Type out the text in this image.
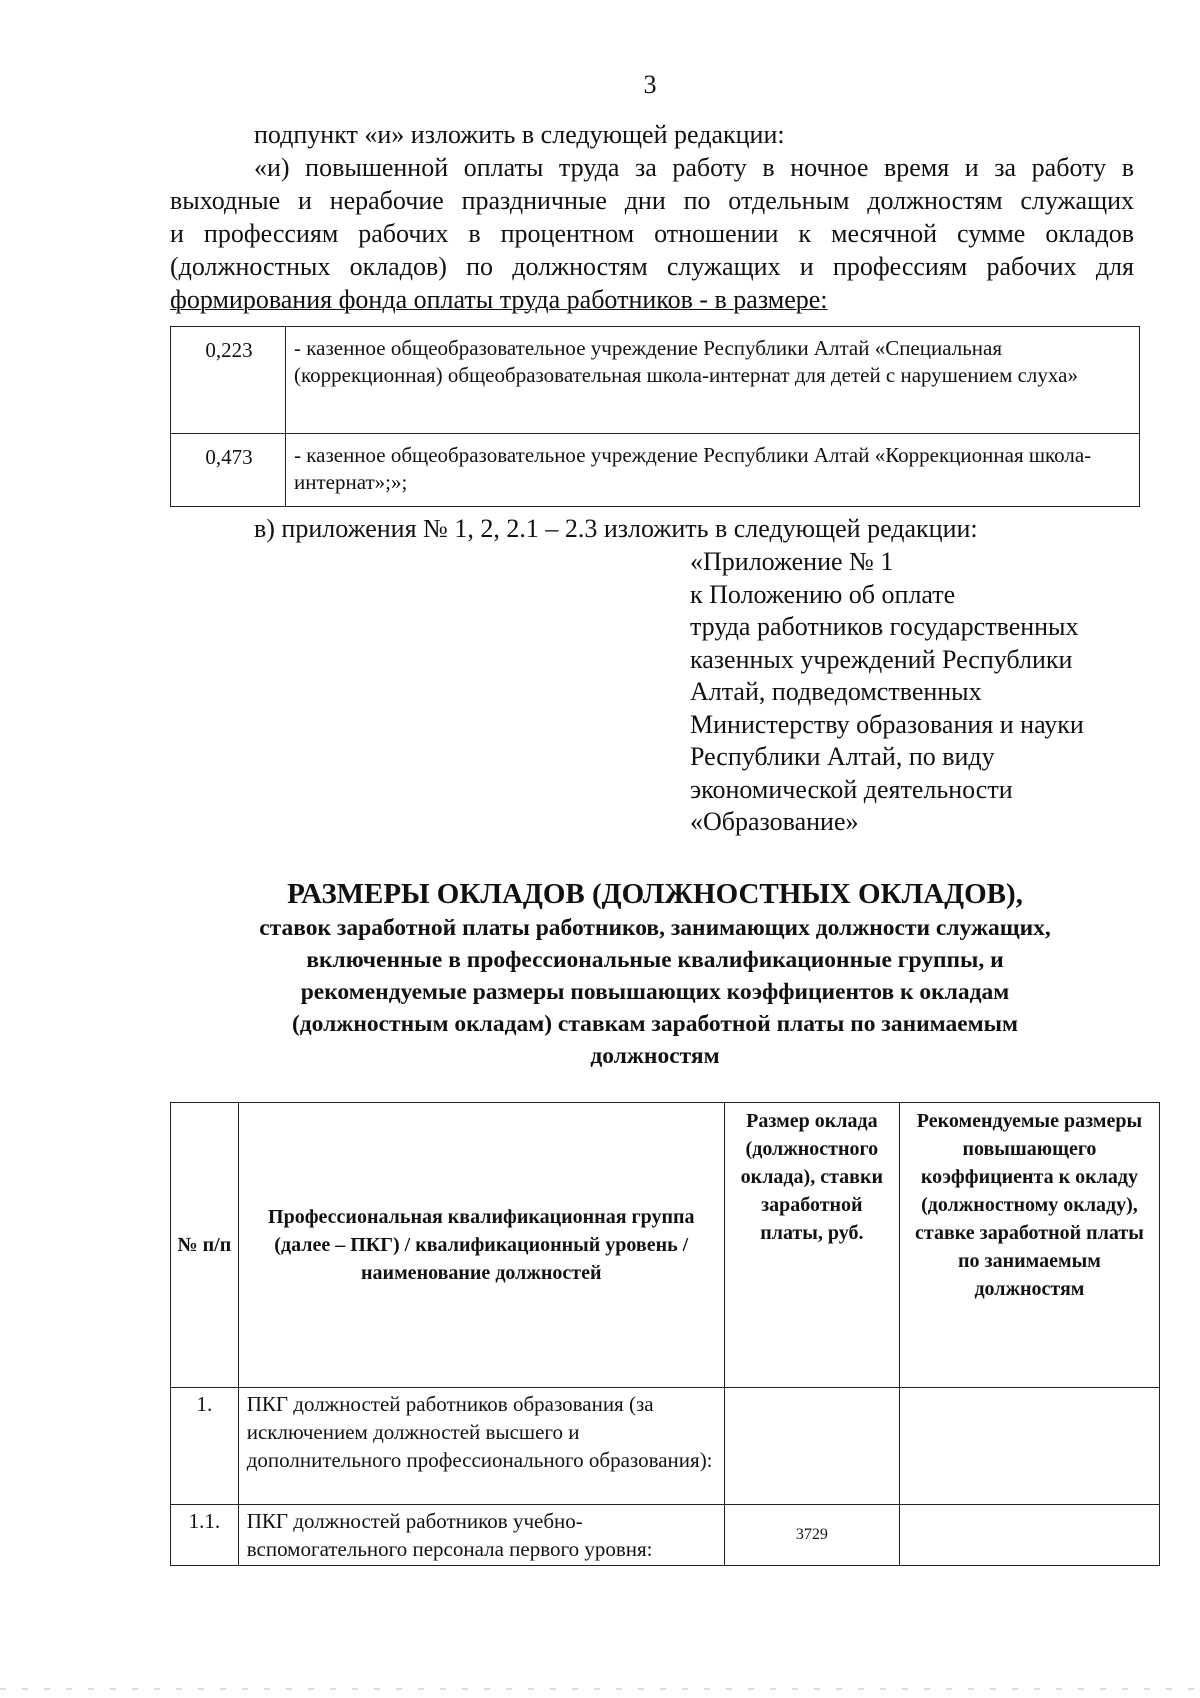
3
подпункт «и» изложить в следующей редакции:
«и) повышенной оплаты труда за работу в ночное время и за работу в
выходные и нерабочие праздничные дни по отдельным должностям служащих
и профессиям рабочих в процентном отношении к месячной сумме окладов
(должностных окладов) по должностям служащих и профессиям рабочих для
формирования фонда оплаты труда работников - в размере:
0,223	- казенное общеобразовательное учреждение Республики Алтай «Специальная (коррекционная) общеобразовательная школа-интернат для детей с нарушением слуха»
0,473	- казенное общеобразовательное учреждение Республики Алтай «Коррекционная школа-интернат»;»;
в) приложения № 1, 2, 2.1 – 2.3 изложить в следующей редакции:
«Приложение № 1
к Положению об оплате
труда работников государственных
казенных учреждений Республики
Алтай, подведомственных
Министерству образования и науки
Республики Алтай, по виду
экономической деятельности
«Образование»
РАЗМЕРЫ ОКЛАДОВ (ДОЛЖНОСТНЫХ ОКЛАДОВ),
ставок заработной платы работников, занимающих должности служащих,
включенные в профессиональные квалификационные группы, и
рекомендуемые размеры повышающих коэффициентов к окладам
(должностным окладам) ставкам заработной платы по занимаемым
должностям
№ п/п	Профессиональная квалификационная группа (далее – ПКГ) / квалификационный уровень / наименование должностей	Размер оклада (должностного оклада), ставки заработной платы, руб.	Рекомендуемые размеры повышающего коэффициента к окладу (должностному окладу), ставке заработной платы по занимаемым должностям
1.	ПКГ должностей работников образования (за исключением должностей высшего и дополнительного профессионального образования):		
1.1.	ПКГ должностей работников учебно-вспомогательного персонала первого уровня:	3729	
